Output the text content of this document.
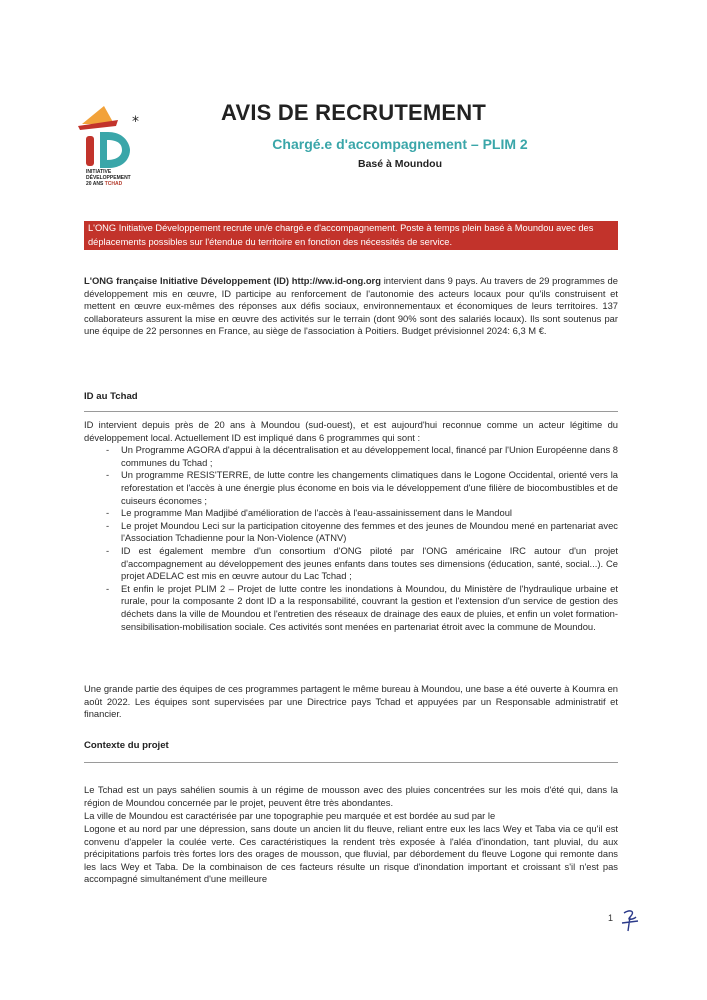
*
INITIATIVE
DÉVELOPPEMENT
20 ANS TCHAD
AVIS DE RECRUTEMENT
Chargé.e d'accompagnement – PLIM 2
Basé à Moundou
L'ONG Initiative Développement recrute un/e chargé.e d'accompagnement. Poste à temps plein basé à Moundou avec des déplacements possibles sur l'étendue du territoire en fonction des nécessités de service.
L'ONG française Initiative Développement (ID) http://ww.id-ong.org intervient dans 9 pays. Au travers de 29 programmes de développement mis en œuvre, ID participe au renforcement de l'autonomie des acteurs locaux pour qu'ils construisent et mettent en œuvre eux-mêmes des réponses aux défis sociaux, environnementaux et économiques de leurs territoires. 137 collaborateurs assurent la mise en œuvre des activités sur le terrain (dont 90% sont des salariés locaux). Ils sont soutenus par une équipe de 22 personnes en France, au siège de l'association à Poitiers. Budget prévisionnel 2024: 6,3 M €.
ID au Tchad
ID intervient depuis près de 20 ans à Moundou (sud-ouest), et est aujourd'hui reconnue comme un acteur légitime du développement local. Actuellement ID est impliqué dans 6 programmes qui sont :
- Un Programme AGORA d'appui à la décentralisation et au développement local, financé par l'Union Européenne dans 8 communes du Tchad ;
- Un programme RESIS'TERRE, de lutte contre les changements climatiques dans le Logone Occidental, orienté vers la reforestation et l'accès à une énergie plus économe en bois via le développement d'une filière de biocombustibles et de cuiseurs économes ;
- Le programme Man Madjibé d'amélioration de l'accès à l'eau-assainissement dans le Mandoul
- Le projet Moundou Leci sur la participation citoyenne des femmes et des jeunes de Moundou mené en partenariat avec l'Association Tchadienne pour la Non-Violence (ATNV)
- ID est également membre d'un consortium d'ONG piloté par l'ONG américaine IRC autour d'un projet d'accompagnement au développement des jeunes enfants dans toutes ses dimensions (éducation, santé, social...). Ce projet ADELAC est mis en œuvre autour du Lac Tchad ;
- Et enfin le projet PLIM 2 – Projet de lutte contre les inondations à Moundou, du Ministère de l'hydraulique urbaine et rurale, pour la composante 2 dont ID a la responsabilité, couvrant la gestion et l'extension d'un service de gestion des déchets dans la ville de Moundou et l'entretien des réseaux de drainage des eaux de pluies, et enfin un volet formation-sensibilisation-mobilisation sociale. Ces activités sont menées en partenariat étroit avec la commune de Moundou.
Une grande partie des équipes de ces programmes partagent le même bureau à Moundou, une base a été ouverte à Koumra en août 2022. Les équipes sont supervisées par une Directrice pays Tchad et appuyées par un Responsable administratif et financier.
Contexte du projet
Le Tchad est un pays sahélien soumis à un régime de mousson avec des pluies concentrées sur les mois d'été qui, dans la région de Moundou concernée par le projet, peuvent être très abondantes.
La ville de Moundou est caractérisée par une topographie peu marquée et est bordée au sud par le
Logone et au nord par une dépression, sans doute un ancien lit du fleuve, reliant entre eux les lacs Wey et Taba via ce qu'il est convenu d'appeler la coulée verte. Ces caractéristiques la rendent très exposée à l'aléa d'inondation, tant pluvial, du aux précipitations parfois très fortes lors des orages de mousson, que fluvial, par débordement du fleuve Logone qui remonte dans les lacs Wey et Taba. De la combinaison de ces facteurs résulte un risque d'inondation important et croissant s'il n'est pas accompagné simultanément d'une meilleure
1
